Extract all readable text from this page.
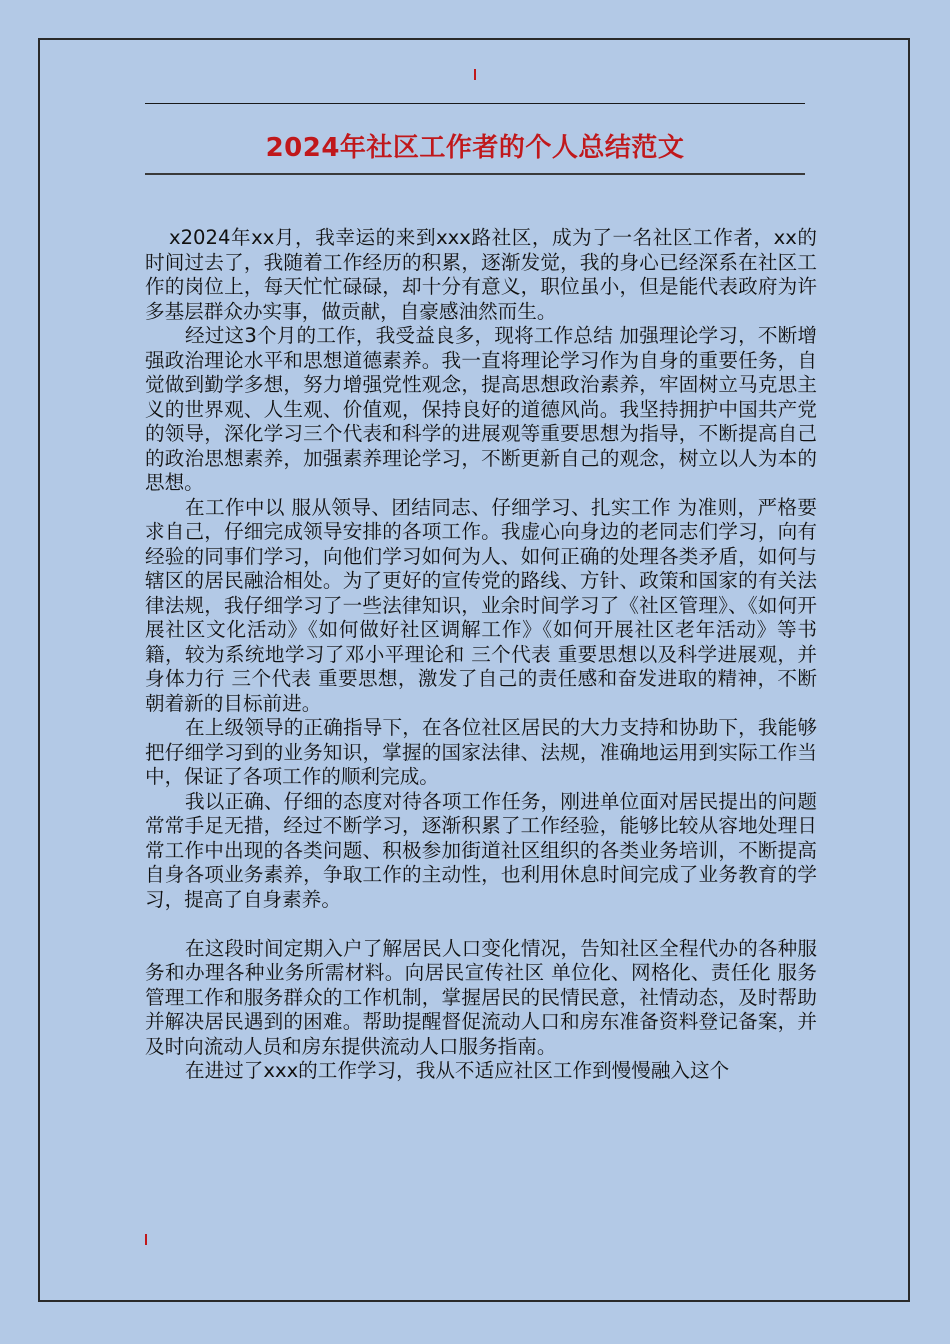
2024年社区工作者的个人总结范文

x2024年xx月，我幸运的来到xxx路社区，成为了一名社区工作者，xx的时间过去了，我随着工作经历的积累，逐渐发觉，我的身心已经深系在社区工作的岗位上，每天忙忙碌碌，却十分有意义，职位虽小，但是能代表政府为许多基层群众办实事，做贡献，自豪感油然而生。

经过这3个月的工作，我受益良多，现将工作总结 加强理论学习，不断增强政治理论水平和思想道德素养。我一直将理论学习作为自身的重要任务，自觉做到勤学多想，努力增强党性观念，提高思想政治素养，牢固树立马克思主义的世界观、人生观、价值观，保持良好的道德风尚。我坚持拥护中国共产党的领导，深化学习三个代表和科学的进展观等重要思想为指导，不断提高自己的政治思想素养，加强素养理论学习，不断更新自己的观念，树立以人为本的思想。

在工作中以 服从领导、团结同志、仔细学习、扎实工作 为准则，严格要求自己，仔细完成领导安排的各项工作。我虚心向身边的老同志们学习，向有经验的同事们学习，向他们学习如何为人、如何正确的处理各类矛盾，如何与辖区的居民融洽相处。为了更好的宣传党的路线、方针、政策和国家的有关法律法规，我仔细学习了一些法律知识，业余时间学习了《社区管理》、《如何开展社区文化活动》《如何做好社区调解工作》《如何开展社区老年活动》等书籍，较为系统地学习了邓小平理论和 三个代表 重要思想以及科学进展观，并身体力行 三个代表 重要思想，激发了自己的责任感和奋发进取的精神，不断朝着新的目标前进。

在上级领导的正确指导下，在各位社区居民的大力支持和协助下，我能够把仔细学习到的业务知识，掌握的国家法律、法规，准确地运用到实际工作当中，保证了各项工作的顺利完成。

我以正确、仔细的态度对待各项工作任务，刚进单位面对居民提出的问题常常手足无措，经过不断学习，逐渐积累了工作经验，能够比较从容地处理日常工作中出现的各类问题、积极参加街道社区组织的各类业务培训，不断提高自身各项业务素养，争取工作的主动性，也利用休息时间完成了业务教育的学习，提高了自身素养。

在这段时间定期入户了解居民人口变化情况，告知社区全程代办的各种服务和办理各种业务所需材料。向居民宣传社区 单位化、网格化、责任化 服务管理工作和服务群众的工作机制，掌握居民的民情民意，社情动态，及时帮助并解决居民遇到的困难。帮助提醒督促流动人口和房东准备资料登记备案，并及时向流动人员和房东提供流动人口服务指南。

在进过了xxx的工作学习，我从不适应社区工作到慢慢融入这个
